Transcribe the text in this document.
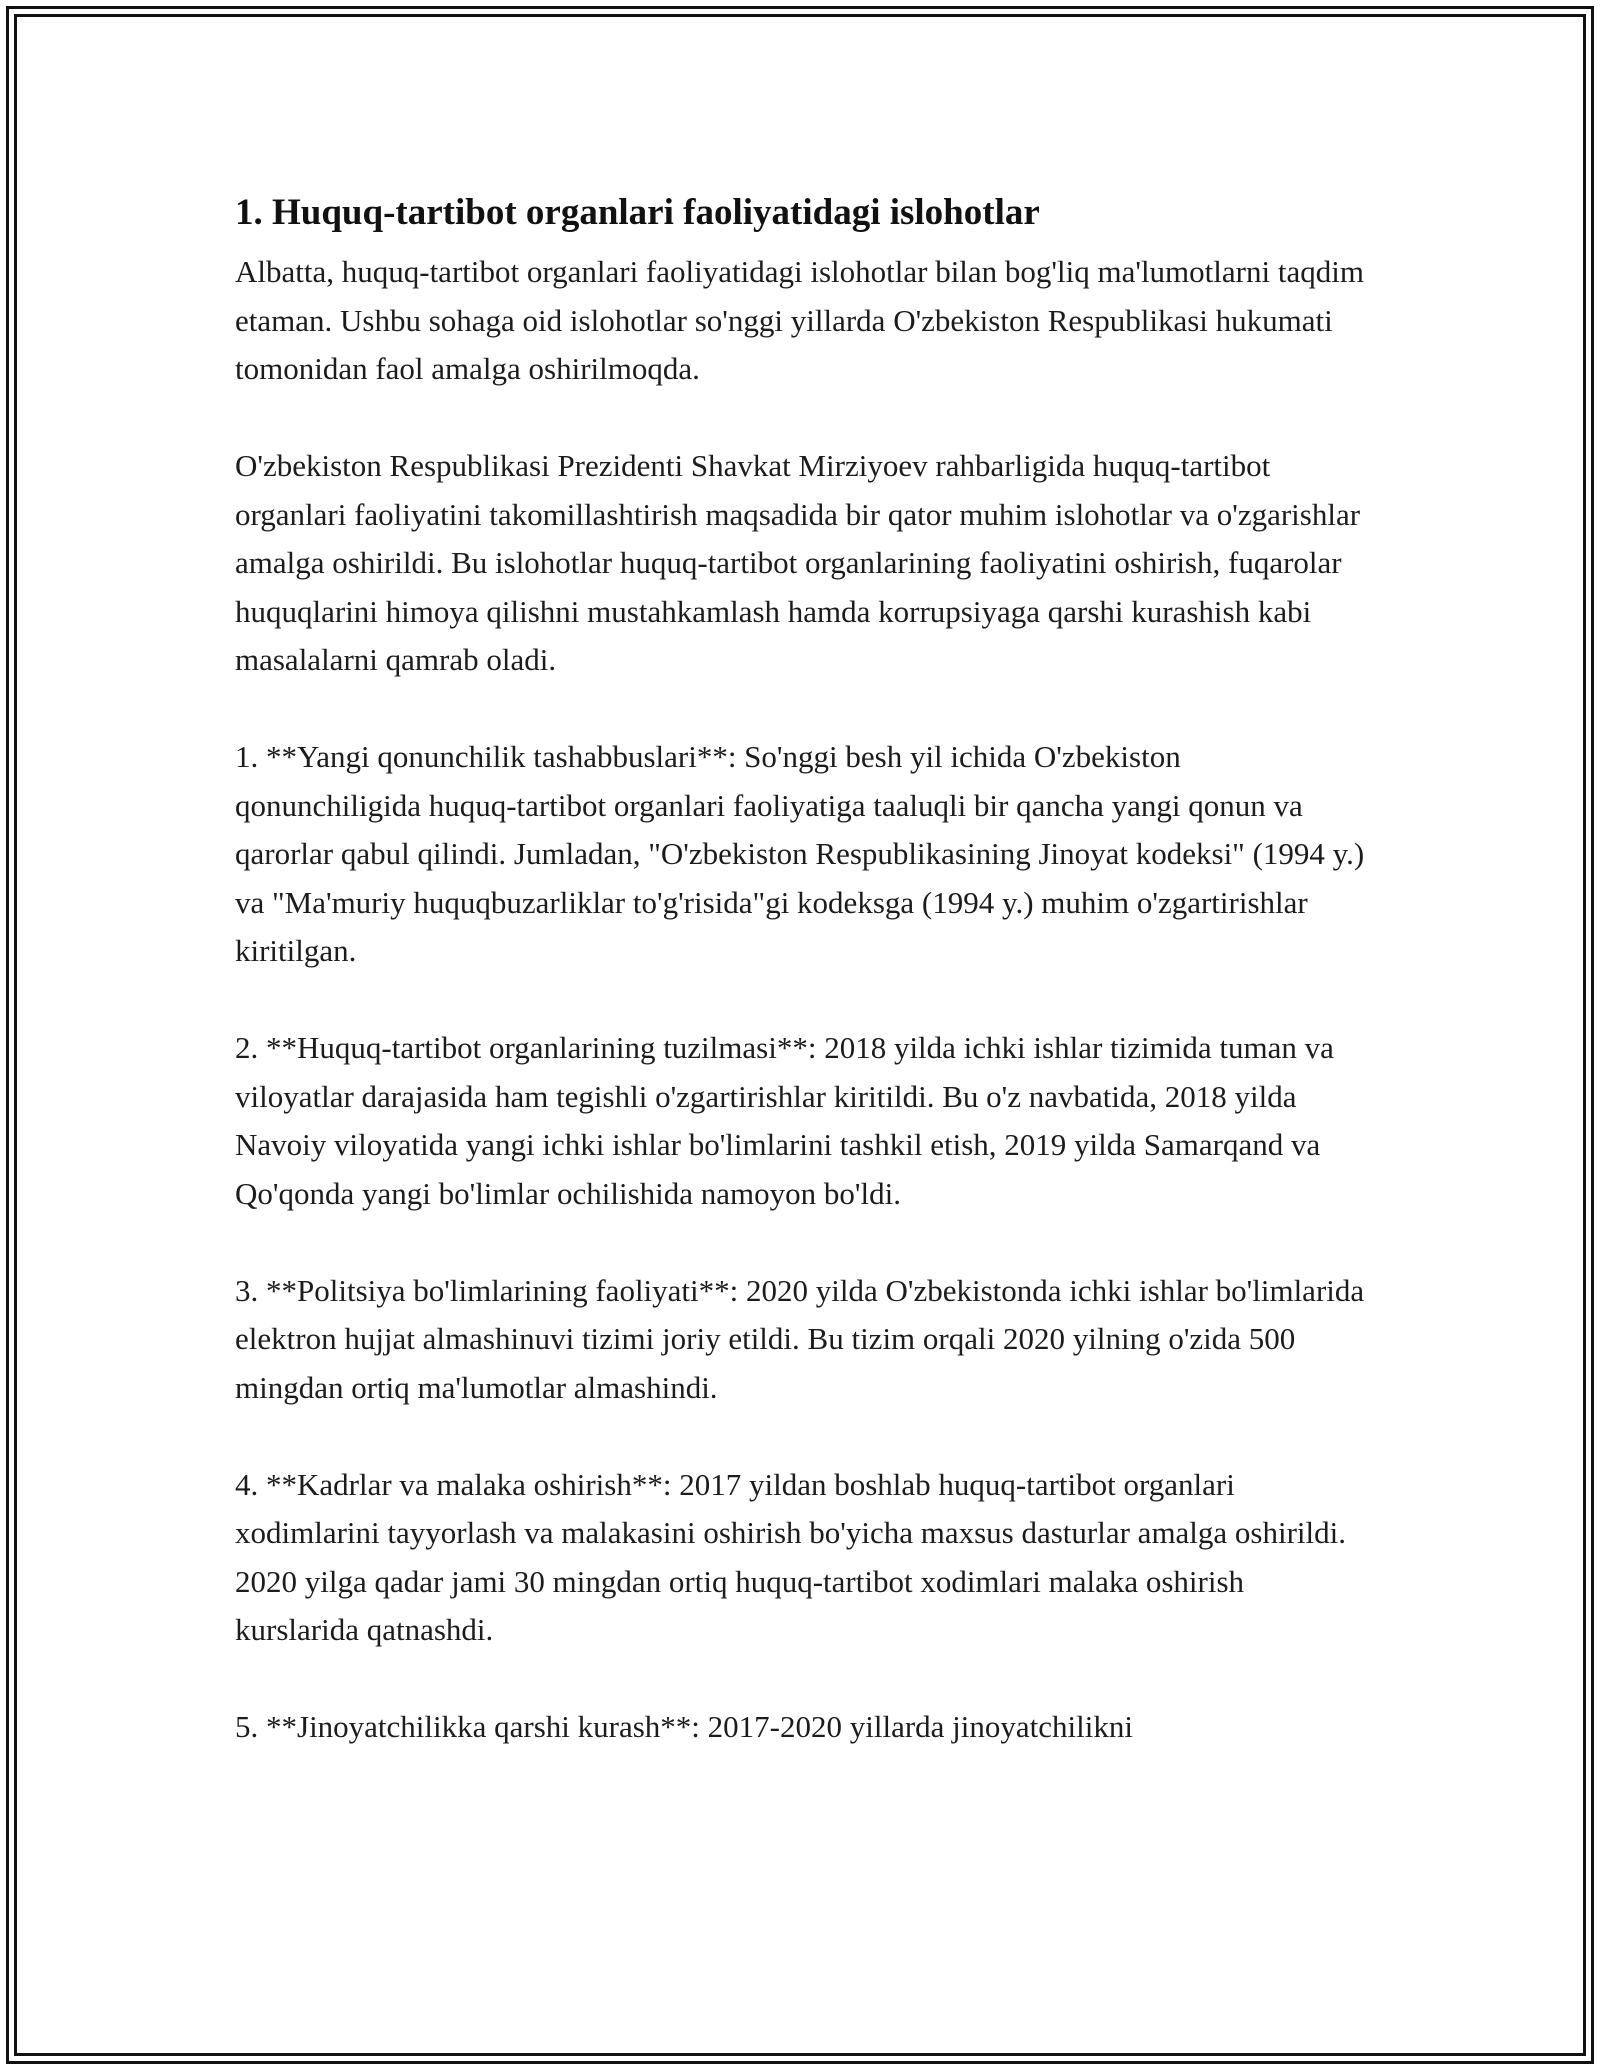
1. Huquq-tartibot organlari faoliyatidagi islohotlar

Albatta, huquq-tartibot organlari faoliyatidagi islohotlar bilan bog'liq ma'lumotlarni taqdim etaman. Ushbu sohaga oid islohotlar so'nggi yillarda O'zbekiston Respublikasi hukumati tomonidan faol amalga oshirilmoqda.

O'zbekiston Respublikasi Prezidenti Shavkat Mirziyoev rahbarligida huquq-tartibot organlari faoliyatini takomillashtirish maqsadida bir qator muhim islohotlar va o'zgarishlar amalga oshirildi. Bu islohotlar huquq-tartibot organlarining faoliyatini oshirish, fuqarolar huquqlarini himoya qilishni mustahkamlash hamda korrupsiyaga qarshi kurashish kabi masalalarni qamrab oladi.

1. **Yangi qonunchilik tashabbuslari**: So'nggi besh yil ichida O'zbekiston qonunchiligida huquq-tartibot organlari faoliyatiga taaluqli bir qancha yangi qonun va qarorlar qabul qilindi. Jumladan, "O'zbekiston Respublikasining Jinoyat kodeksi" (1994 y.) va "Ma'muriy huquqbuzarliklar to'g'risida"gi kodeksga (1994 y.) muhim o'zgartirishlar kiritilgan.

2. **Huquq-tartibot organlarining tuzilmasi**: 2018 yilda ichki ishlar tizimida tuman va viloyatlar darajasida ham tegishli o'zgartirishlar kiritildi. Bu o'z navbatida, 2018 yilda Navoiy viloyatida yangi ichki ishlar bo'limlarini tashkil etish, 2019 yilda Samarqand va Qo'qonda yangi bo'limlar ochilishida namoyon bo'ldi.

3. **Politsiya bo'limlarining faoliyati**: 2020 yilda O'zbekistonda ichki ishlar bo'limlarida elektron hujjat almashinuvi tizimi joriy etildi. Bu tizim orqali 2020 yilning o'zida 500 mingdan ortiq ma'lumotlar almashindi.

4. **Kadrlar va malaka oshirish**: 2017 yildan boshlab huquq-tartibot organlari xodimlarini tayyorlash va malakasini oshirish bo'yicha maxsus dasturlar amalga oshirildi. 2020 yilga qadar jami 30 mingdan ortiq huquq-tartibot xodimlari malaka oshirish kurslarida qatnashdi.

5. **Jinoyatchilikka qarshi kurash**: 2017-2020 yillarda jinoyatchilikni
